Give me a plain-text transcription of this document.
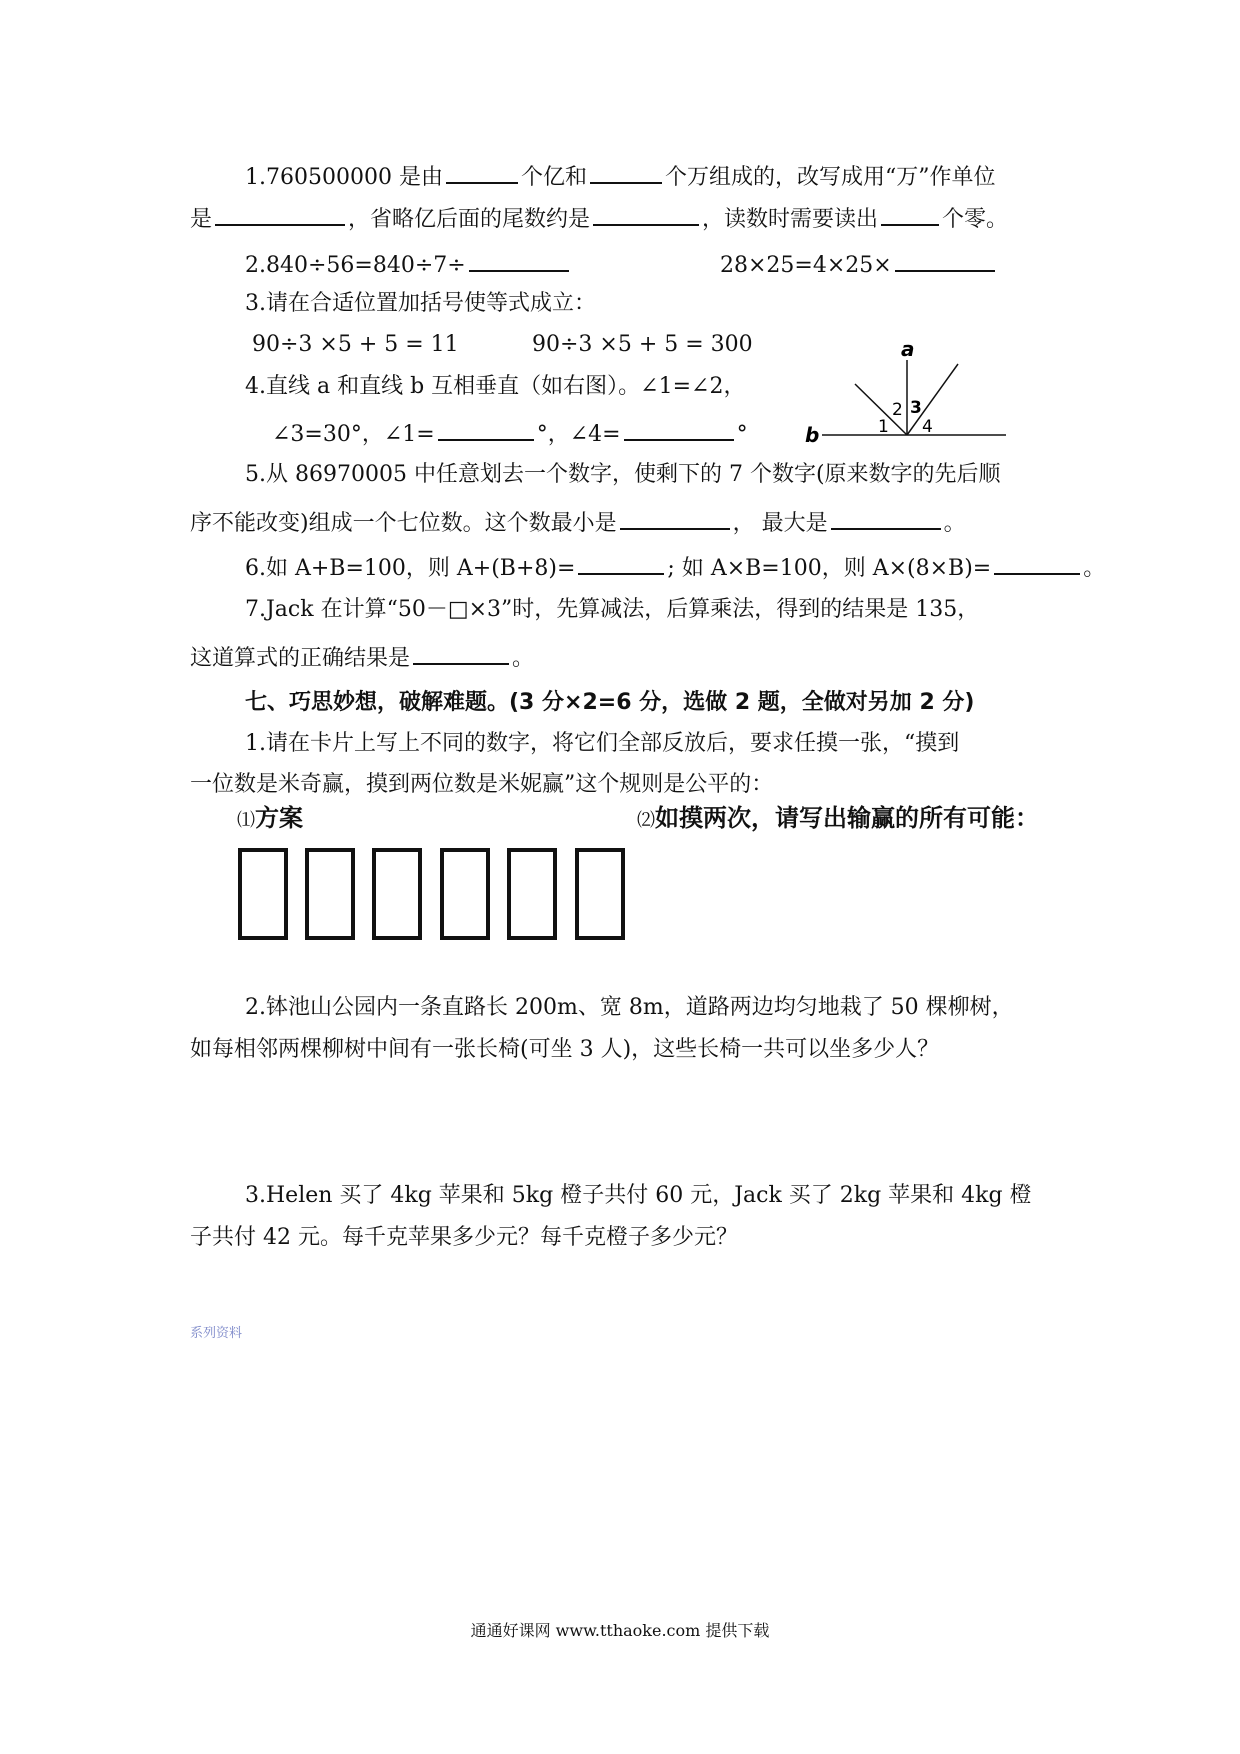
1.760500000 是由	个亿和	个万组成的，改写成用“万”作单位
是	，省略亿后面的尾数约是	，读数时需要读出	个零。
2.840÷56=840÷7÷	28×25=4×25×
3.请在合适位置加括号使等式成立：
90÷3 ×5 + 5 = 11	90÷3 ×5 + 5 = 300
4.直线 a 和直线 b 互相垂直（如右图）。∠1=∠2，
∠3=30°，∠1=	°，∠4=	°
a
b	1
2 3
4
5.从 86970005 中任意划去一个数字，使剩下的 7 个数字(原来数字的先后顺
序不能改变)组成一个七位数。这个数最小是	， 最大是	。
6.如 A+B=100，则 A+(B+8)=	; 如 A×B=100，则 A×(8×B)=	。
7.Jack 在计算“50－□×3”时，先算减法，后算乘法，得到的结果是 135，
这道算式的正确结果是	。
七、巧思妙想，破解难题。(3 分×2=6 分，选做 2 题，全做对另加 2 分)
1.请在卡片上写上不同的数字，将它们全部反放后，要求任摸一张，“摸到
一位数是米奇赢，摸到两位数是米妮赢”这个规则是公平的：
⑴方案	⑵如摸两次，请写出输赢的所有可能：
2.钵池山公园内一条直路长 200m、宽 8m，道路两边均匀地栽了 50 棵柳树，
如每相邻两棵柳树中间有一张长椅(可坐 3 人)，这些长椅一共可以坐多少人？
3.Helen 买了 4kg 苹果和 5kg 橙子共付 60 元，Jack 买了 2kg 苹果和 4kg 橙
子共付 42 元。每千克苹果多少元？每千克橙子多少元？
系列资料
通通好课网 www.tthaoke.com 提供下载
